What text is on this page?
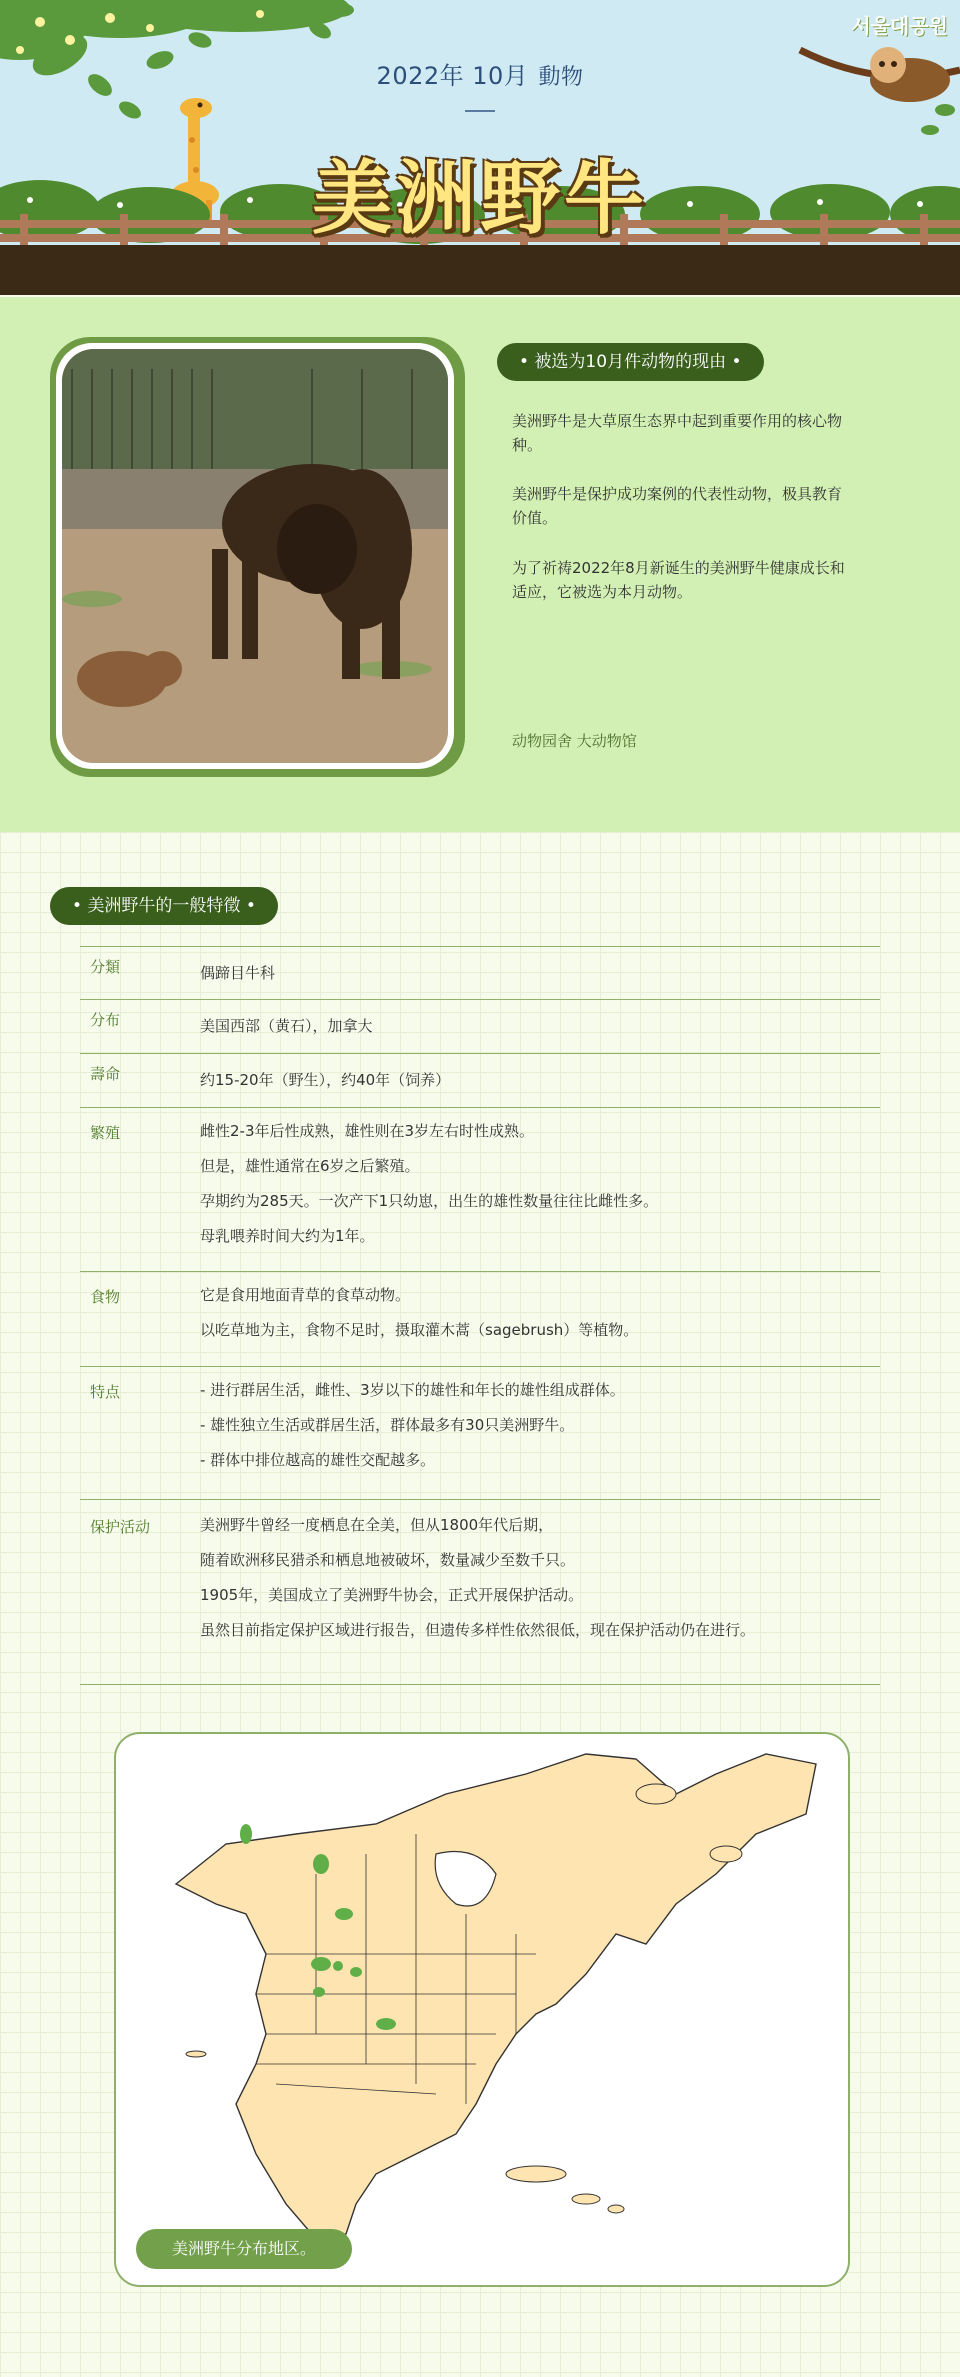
서울대공원
2022年 10月 動物
美洲野牛
• 被选为10月件动物的现由 •
美洲野牛是大草原生态界中起到重要作用的核心物种。
美洲野牛是保护成功案例的代表性动物，极具教育价值。
为了祈祷2022年8月新诞生的美洲野牛健康成长和适应，它被选为本月动物。
动物园舍 大动物馆
• 美洲野牛的一般特徵 •
分類	偶蹄目牛科
分布	美国西部（黄石），加拿大
壽命	约15-20年（野生），约40年（饲养）
繁殖	雌性2-3年后性成熟，雄性则在3岁左右时性成熟。
但是，雄性通常在6岁之后繁殖。
孕期约为285天。一次产下1只幼崽，出生的雄性数量往往比雌性多。
母乳喂养时间大约为1年。
食物	它是食用地面青草的食草动物。
以吃草地为主，食物不足时，摄取灌木蒿（sagebrush）等植物。
特点	- 进行群居生活，雌性、3岁以下的雄性和年长的雄性组成群体。
- 雄性独立生活或群居生活，群体最多有30只美洲野牛。
- 群体中排位越高的雄性交配越多。
保护活动	美洲野牛曾经一度栖息在全美，但从1800年代后期，
随着欧洲移民猎杀和栖息地被破坏，数量减少至数千只。
1905年，美国成立了美洲野牛协会，正式开展保护活动。
虽然目前指定保护区域进行报告，但遗传多样性依然很低，现在保护活动仍在进行。
美洲野牛分布地区。
